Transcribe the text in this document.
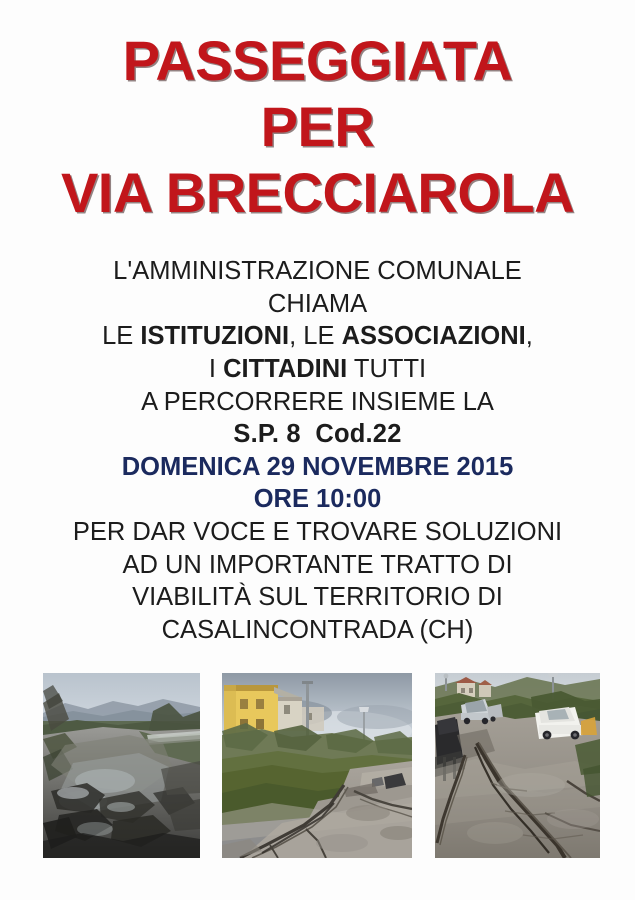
PASSEGGIATA
PER
VIA BRECCIAROLA
L'AMMINISTRAZIONE COMUNALE
CHIAMA
LE ISTITUZIONI, LE ASSOCIAZIONI,
I CITTADINI TUTTI
A PERCORRERE INSIEME LA
S.P. 8  Cod.22
DOMENICA 29 NOVEMBRE 2015
ORE 10:00
PER DAR VOCE E TROVARE SOLUZIONI
AD UN IMPORTANTE TRATTO DI
VIABILITÀ SUL TERRITORIO DI
CASALINCONTRADA (CH)
